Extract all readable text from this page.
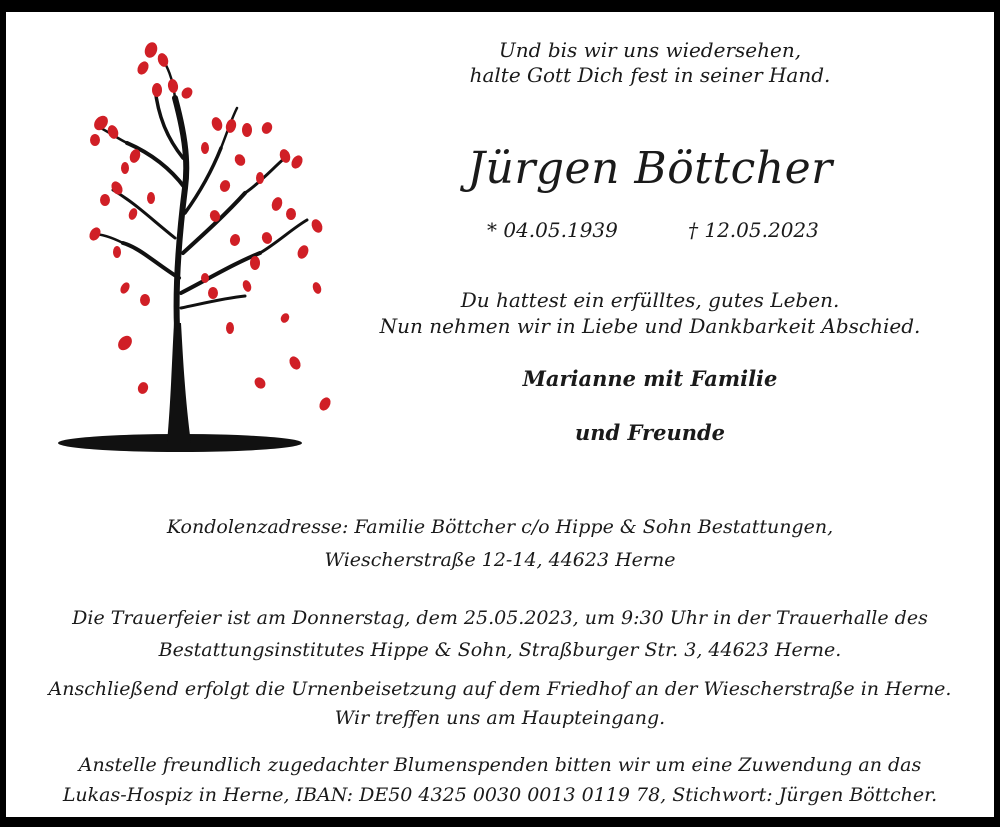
Und bis wir uns wiedersehen,
halte Gott Dich fest in seiner Hand.
Jürgen Böttcher
* 04.05.1939	† 12.05.2023
Du hattest ein erfülltes, gutes Leben.
Nun nehmen wir in Liebe und Dankbarkeit Abschied.
Marianne mit Familie
und Freunde
Kondolenzadresse: Familie Böttcher c/o Hippe & Sohn Bestattungen,
Wiescherstraße 12-14, 44623 Herne
Die Trauerfeier ist am Donnerstag, dem 25.05.2023, um 9:30 Uhr in der Trauerhalle des
Bestattungsinstitutes Hippe & Sohn, Straßburger Str. 3, 44623 Herne.
Anschließend erfolgt die Urnenbeisetzung auf dem Friedhof an der Wiescherstraße in Herne.
Wir treffen uns am Haupteingang.
Anstelle freundlich zugedachter Blumenspenden bitten wir um eine Zuwendung an das
Lukas-Hospiz in Herne, IBAN: DE50 4325 0030 0013 0119 78, Stichwort: Jürgen Böttcher.
